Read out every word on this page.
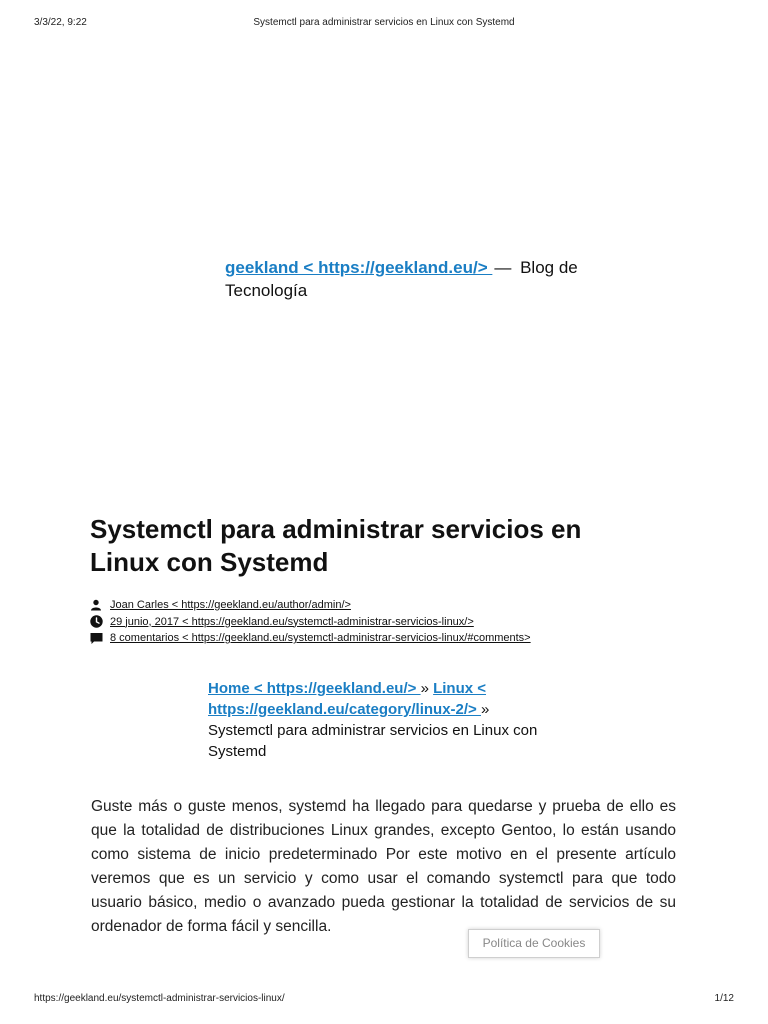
3/3/22, 9:22	Systemctl para administrar servicios en Linux con Systemd
geekland < https://geekland.eu/> — Blog de Tecnología
Systemctl para administrar servicios en Linux con Systemd
Joan Carles < https://geekland.eu/author/admin/>
29 junio, 2017 < https://geekland.eu/systemctl-administrar-servicios-linux/>
8 comentarios < https://geekland.eu/systemctl-administrar-servicios-linux/#comments>
Home < https://geekland.eu/> » Linux < https://geekland.eu/category/linux-2/> »
Systemctl para administrar servicios en Linux con Systemd

Guste más o guste menos, systemd ha llegado para quedarse y prueba de ello es que la totalidad de distribuciones Linux grandes, excepto Gentoo, lo están usando como sistema de inicio predeterminado Por este motivo en el presente artículo veremos que es un servicio y como usar el comando systemctl para que todo usuario básico, medio o avanzado pueda gestionar la totalidad de servicios de su ordenador de forma fácil y sencilla.

Política de Cookies
https://geekland.eu/systemctl-administrar-servicios-linux/	1/12
